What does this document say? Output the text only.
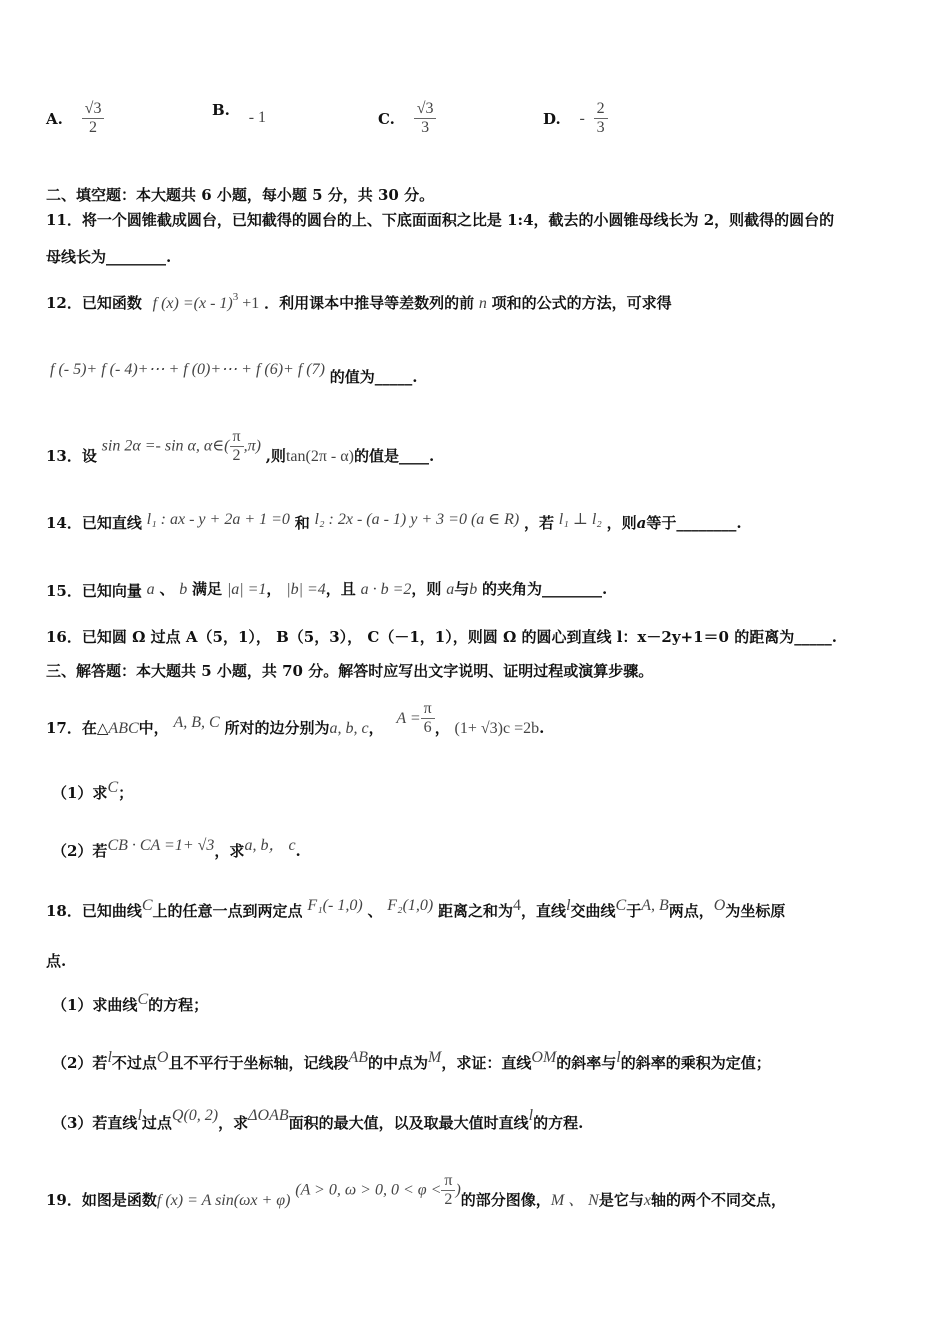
A. $\frac{√3}{2}$	B. - 1	C. $\frac{√3}{3}$	D. - $\frac{2}{3}$
二、填空题：本大题共 6 小题，每小题 5 分，共 30 分。
11．将一个圆锥截成圆台，已知截得的圆台的上、下底面面积之比是 1:4，截去的小圆锥母线长为 2，则截得的圆台的
母线长为________.
12．已知函数 f (x) =(x - 1)3 +1 ．利用课本中推导等差数列的前 n 项和的公式的方法，可求得
f (- 5)+ f (- 4)+⋯ + f (0)+⋯ + f (6)+ f (7) 的值为_____.
13．设 sin 2α =- sin α, α∈( $\frac{\pi}{2} ,\pi$) ,则tan(2π - α)的值是____.
14．已知直线 l₁ : ax - y + 2a + 1 =0 和 l₂ : 2x - (a - 1) y + 3 =0 (a ∈ R) ，若 l₁ ⊥ l₂ ，则a等于________.
15．已知向量 a 、 b 满足 |a| =1， |b| =4，且 a · b =2，则 a与b 的夹角为________.
16．已知圆 Ω 过点 A（5，1）， B（5，3）， C（－1，1），则圆 Ω 的圆心到直线 l：x－2y+1＝0 的距离为_____.
三、解答题：本大题共 5 小题，共 70 分。解答时应写出文字说明、证明过程或演算步骤。
17．在△ABC中， A, B, C 所对的边分别为a, b, c， $A = \frac{\pi}{6}$ ， (1+ √3)c =2b.
（1）求C；
（2）若CB · CA =1+ √3，求a, b， c.
18．已知曲线C上的任意一点到两定点 F₁(- 1,0) 、 F₂(1,0) 距离之和为4，直线l交曲线C于A, B两点，O为坐标原
点.
（1）求曲线C的方程；
（2）若l不过点O且不平行于坐标轴，记线段AB的中点为M，求证：直线OM的斜率与l的斜率的乘积为定值；
（3）若直线l过点Q(0, 2)，求ΔOAB面积的最大值，以及取最大值时直线l的方程.
19．如图是函数f (x) = A sin(ωx + φ) (A > 0, ω > 0, $0 < \varphi < \frac{\pi}{2}$ )的部分图像，M 、 N是它与x轴的两个不同交点，
